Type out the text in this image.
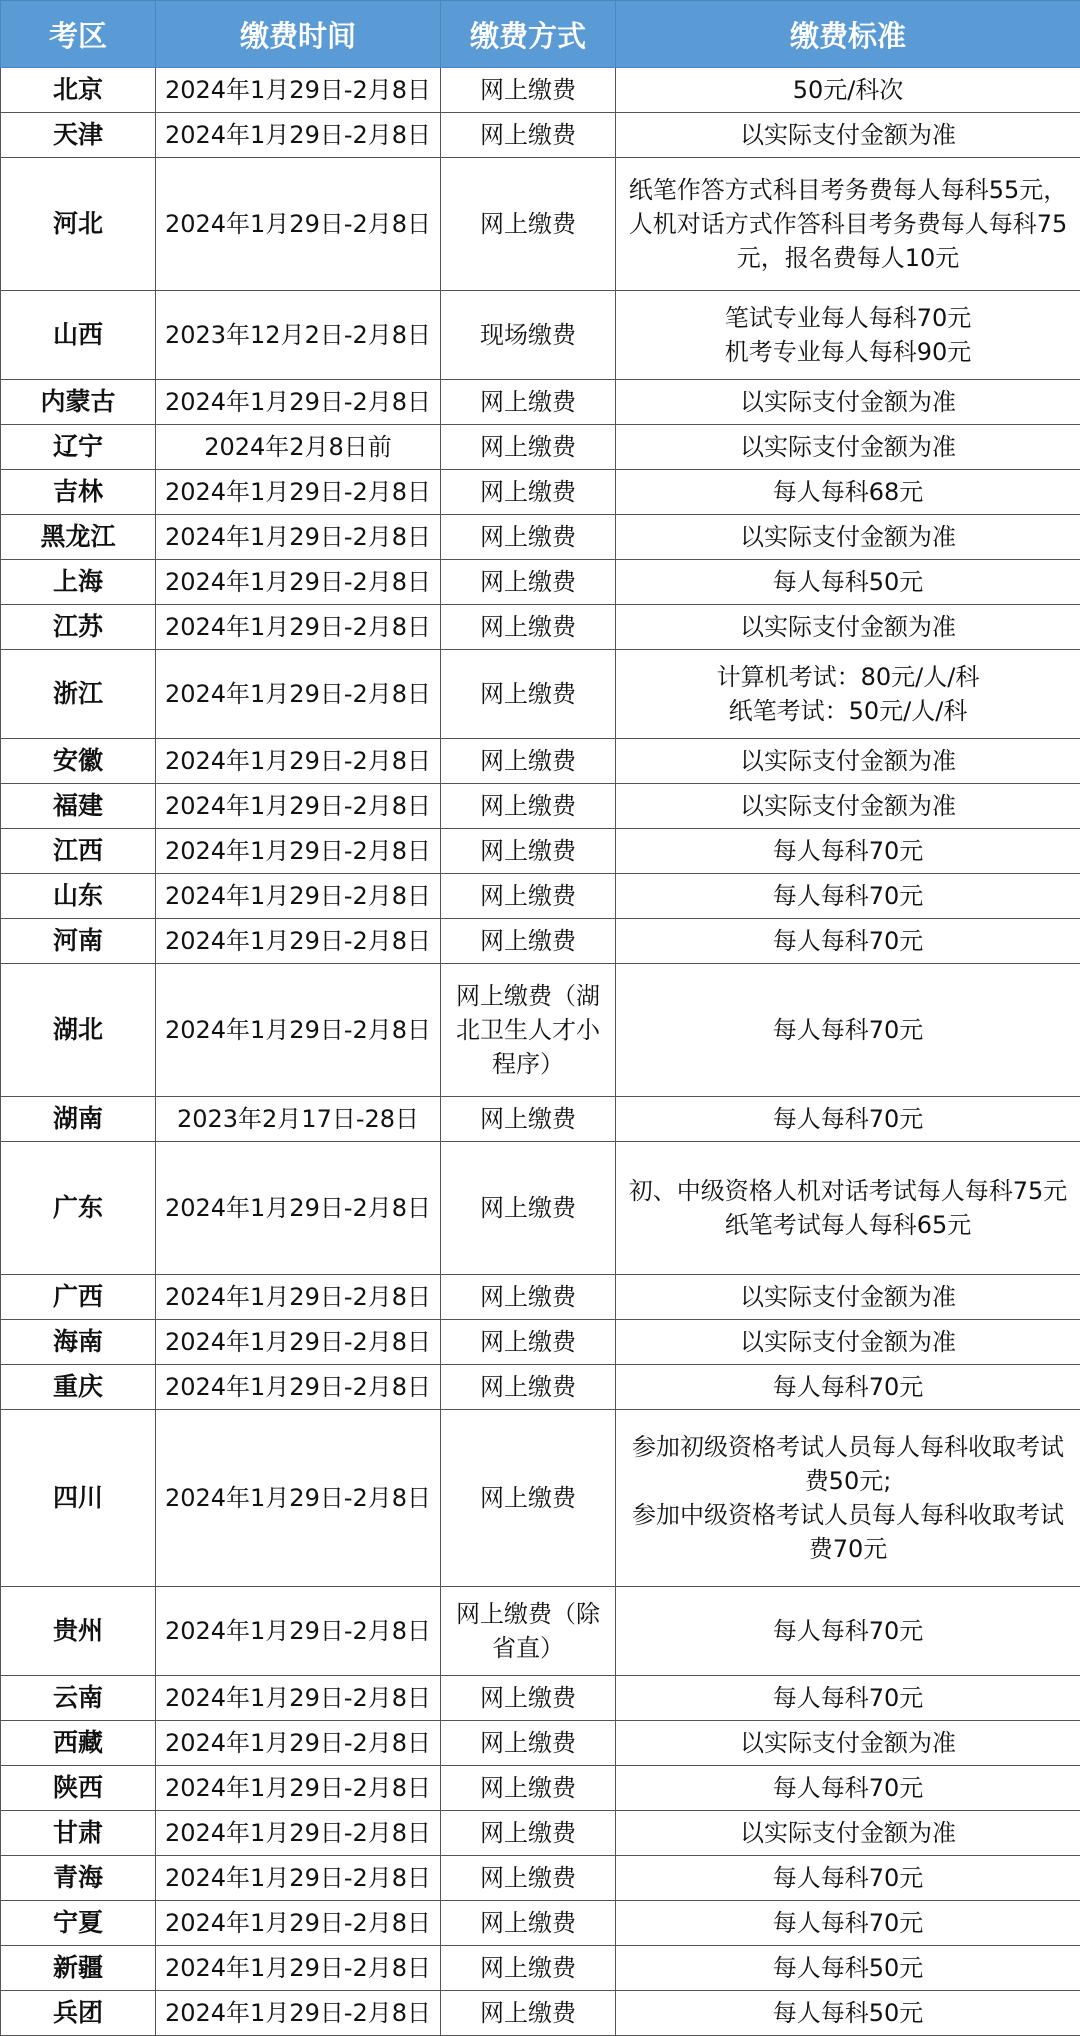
考区	缴费时间	缴费方式	缴费标准
北京	2024年1月29日-2月8日	网上缴费	50元/科次
天津	2024年1月29日-2月8日	网上缴费	以实际支付金额为准
河北	2024年1月29日-2月8日	网上缴费	纸笔作答方式科目考务费每人每科55元，人机对话方式作答科目考务费每人每科75元，报名费每人10元
山西	2023年12月2日-2月8日	现场缴费	笔试专业每人每科70元
机考专业每人每科90元
内蒙古	2024年1月29日-2月8日	网上缴费	以实际支付金额为准
辽宁	2024年2月8日前	网上缴费	以实际支付金额为准
吉林	2024年1月29日-2月8日	网上缴费	每人每科68元
黑龙江	2024年1月29日-2月8日	网上缴费	以实际支付金额为准
上海	2024年1月29日-2月8日	网上缴费	每人每科50元
江苏	2024年1月29日-2月8日	网上缴费	以实际支付金额为准
浙江	2024年1月29日-2月8日	网上缴费	计算机考试：80元/人/科
纸笔考试：50元/人/科
安徽	2024年1月29日-2月8日	网上缴费	以实际支付金额为准
福建	2024年1月29日-2月8日	网上缴费	以实际支付金额为准
江西	2024年1月29日-2月8日	网上缴费	每人每科70元
山东	2024年1月29日-2月8日	网上缴费	每人每科70元
河南	2024年1月29日-2月8日	网上缴费	每人每科70元
湖北	2024年1月29日-2月8日	网上缴费（湖北卫生人才小程序）	每人每科70元
湖南	2023年2月17日-28日	网上缴费	每人每科70元
广东	2024年1月29日-2月8日	网上缴费	初、中级资格人机对话考试每人每科75元
纸笔考试每人每科65元
广西	2024年1月29日-2月8日	网上缴费	以实际支付金额为准
海南	2024年1月29日-2月8日	网上缴费	以实际支付金额为准
重庆	2024年1月29日-2月8日	网上缴费	每人每科70元
四川	2024年1月29日-2月8日	网上缴费	参加初级资格考试人员每人每科收取考试费50元;
参加中级资格考试人员每人每科收取考试费70元
贵州	2024年1月29日-2月8日	网上缴费（除省直）	每人每科70元
云南	2024年1月29日-2月8日	网上缴费	每人每科70元
西藏	2024年1月29日-2月8日	网上缴费	以实际支付金额为准
陕西	2024年1月29日-2月8日	网上缴费	每人每科70元
甘肃	2024年1月29日-2月8日	网上缴费	以实际支付金额为准
青海	2024年1月29日-2月8日	网上缴费	每人每科70元
宁夏	2024年1月29日-2月8日	网上缴费	每人每科70元
新疆	2024年1月29日-2月8日	网上缴费	每人每科50元
兵团	2024年1月29日-2月8日	网上缴费	每人每科50元
